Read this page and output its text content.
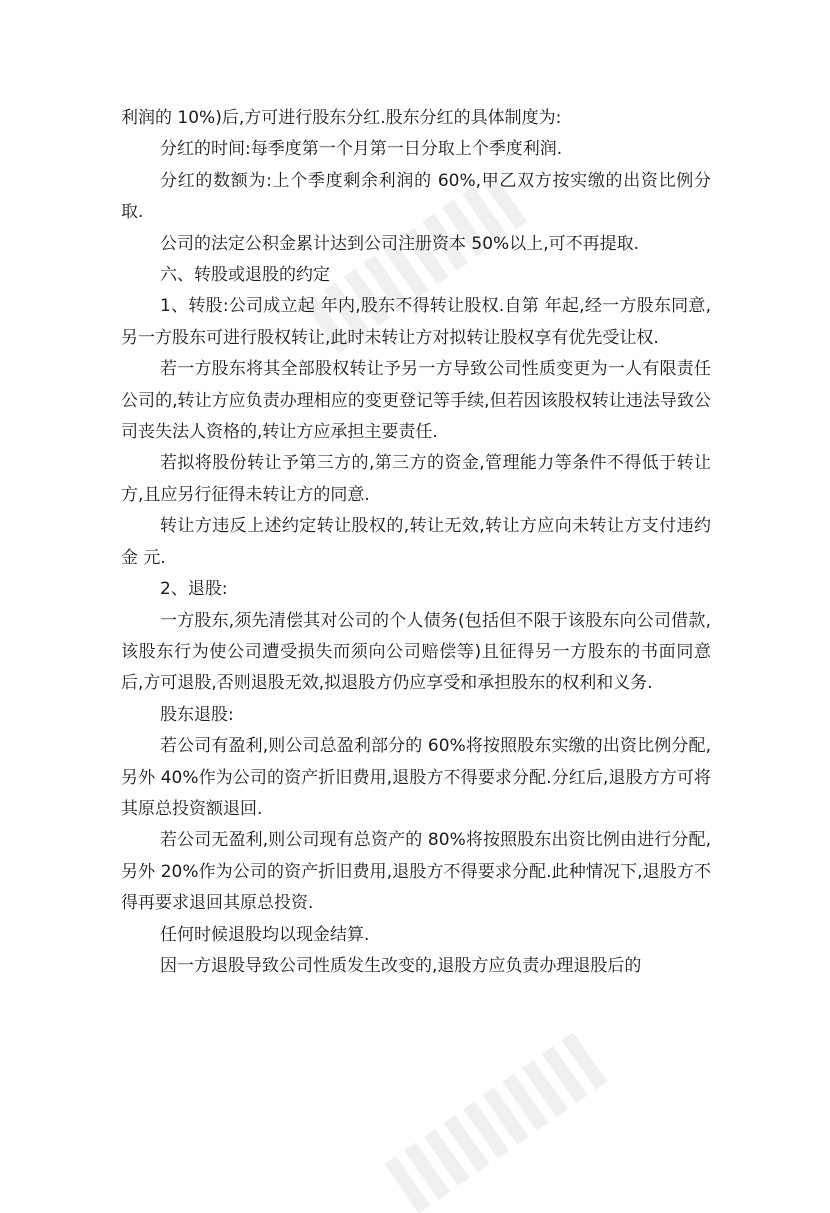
利润的 10%)后,方可进行股东分红.股东分红的具体制度为:

分红的时间:每季度第一个月第一日分取上个季度利润.

分红的数额为:上个季度剩余利润的 60%,甲乙双方按实缴的出资比例分取.

公司的法定公积金累计达到公司注册资本 50%以上,可不再提取.

六、转股或退股的约定

1、转股:公司成立起 年内,股东不得转让股权.自第 年起,经一方股东同意,另一方股东可进行股权转让,此时未转让方对拟转让股权享有优先受让权.

若一方股东将其全部股权转让予另一方导致公司性质变更为一人有限责任公司的,转让方应负责办理相应的变更登记等手续,但若因该股权转让违法导致公司丧失法人资格的,转让方应承担主要责任.

若拟将股份转让予第三方的,第三方的资金,管理能力等条件不得低于转让方,且应另行征得未转让方的同意.

转让方违反上述约定转让股权的,转让无效,转让方应向未转让方支付违约金 元.

2、退股:

一方股东,须先清偿其对公司的个人债务(包括但不限于该股东向公司借款,该股东行为使公司遭受损失而须向公司赔偿等)且征得另一方股东的书面同意后,方可退股,否则退股无效,拟退股方仍应享受和承担股东的权利和义务.

股东退股:

若公司有盈利,则公司总盈利部分的 60%将按照股东实缴的出资比例分配,另外 40%作为公司的资产折旧费用,退股方不得要求分配.分红后,退股方方可将其原总投资额退回.

若公司无盈利,则公司现有总资产的 80%将按照股东出资比例由进行分配,另外 20%作为公司的资产折旧费用,退股方不得要求分配.此种情况下,退股方不得再要求退回其原总投资.

任何时候退股均以现金结算.

因一方退股导致公司性质发生改变的,退股方应负责办理退股后的
